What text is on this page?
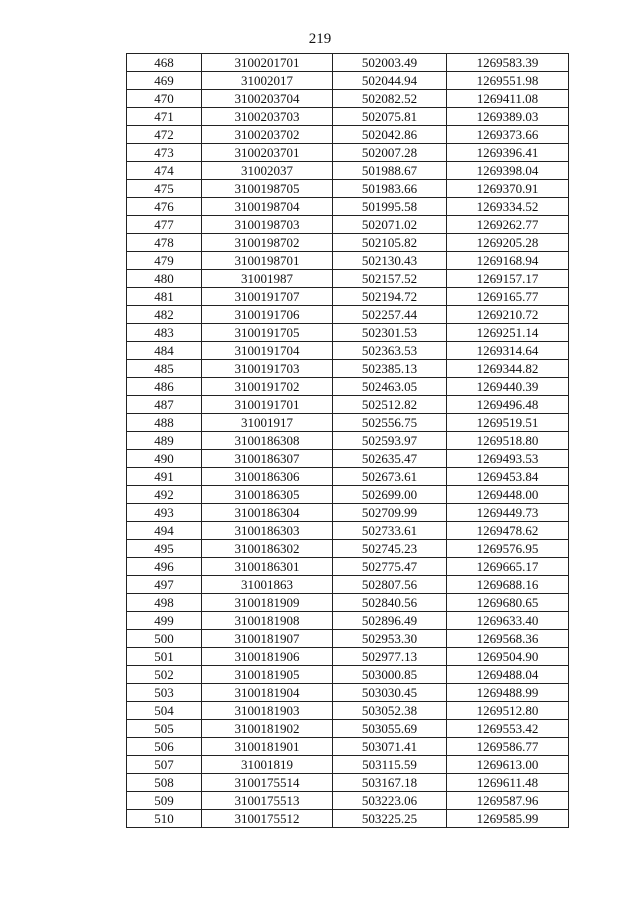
219
468	3100201701	502003.49	1269583.39
469	31002017	502044.94	1269551.98
470	3100203704	502082.52	1269411.08
471	3100203703	502075.81	1269389.03
472	3100203702	502042.86	1269373.66
473	3100203701	502007.28	1269396.41
474	31002037	501988.67	1269398.04
475	3100198705	501983.66	1269370.91
476	3100198704	501995.58	1269334.52
477	3100198703	502071.02	1269262.77
478	3100198702	502105.82	1269205.28
479	3100198701	502130.43	1269168.94
480	31001987	502157.52	1269157.17
481	3100191707	502194.72	1269165.77
482	3100191706	502257.44	1269210.72
483	3100191705	502301.53	1269251.14
484	3100191704	502363.53	1269314.64
485	3100191703	502385.13	1269344.82
486	3100191702	502463.05	1269440.39
487	3100191701	502512.82	1269496.48
488	31001917	502556.75	1269519.51
489	3100186308	502593.97	1269518.80
490	3100186307	502635.47	1269493.53
491	3100186306	502673.61	1269453.84
492	3100186305	502699.00	1269448.00
493	3100186304	502709.99	1269449.73
494	3100186303	502733.61	1269478.62
495	3100186302	502745.23	1269576.95
496	3100186301	502775.47	1269665.17
497	31001863	502807.56	1269688.16
498	3100181909	502840.56	1269680.65
499	3100181908	502896.49	1269633.40
500	3100181907	502953.30	1269568.36
501	3100181906	502977.13	1269504.90
502	3100181905	503000.85	1269488.04
503	3100181904	503030.45	1269488.99
504	3100181903	503052.38	1269512.80
505	3100181902	503055.69	1269553.42
506	3100181901	503071.41	1269586.77
507	31001819	503115.59	1269613.00
508	3100175514	503167.18	1269611.48
509	3100175513	503223.06	1269587.96
510	3100175512	503225.25	1269585.99
